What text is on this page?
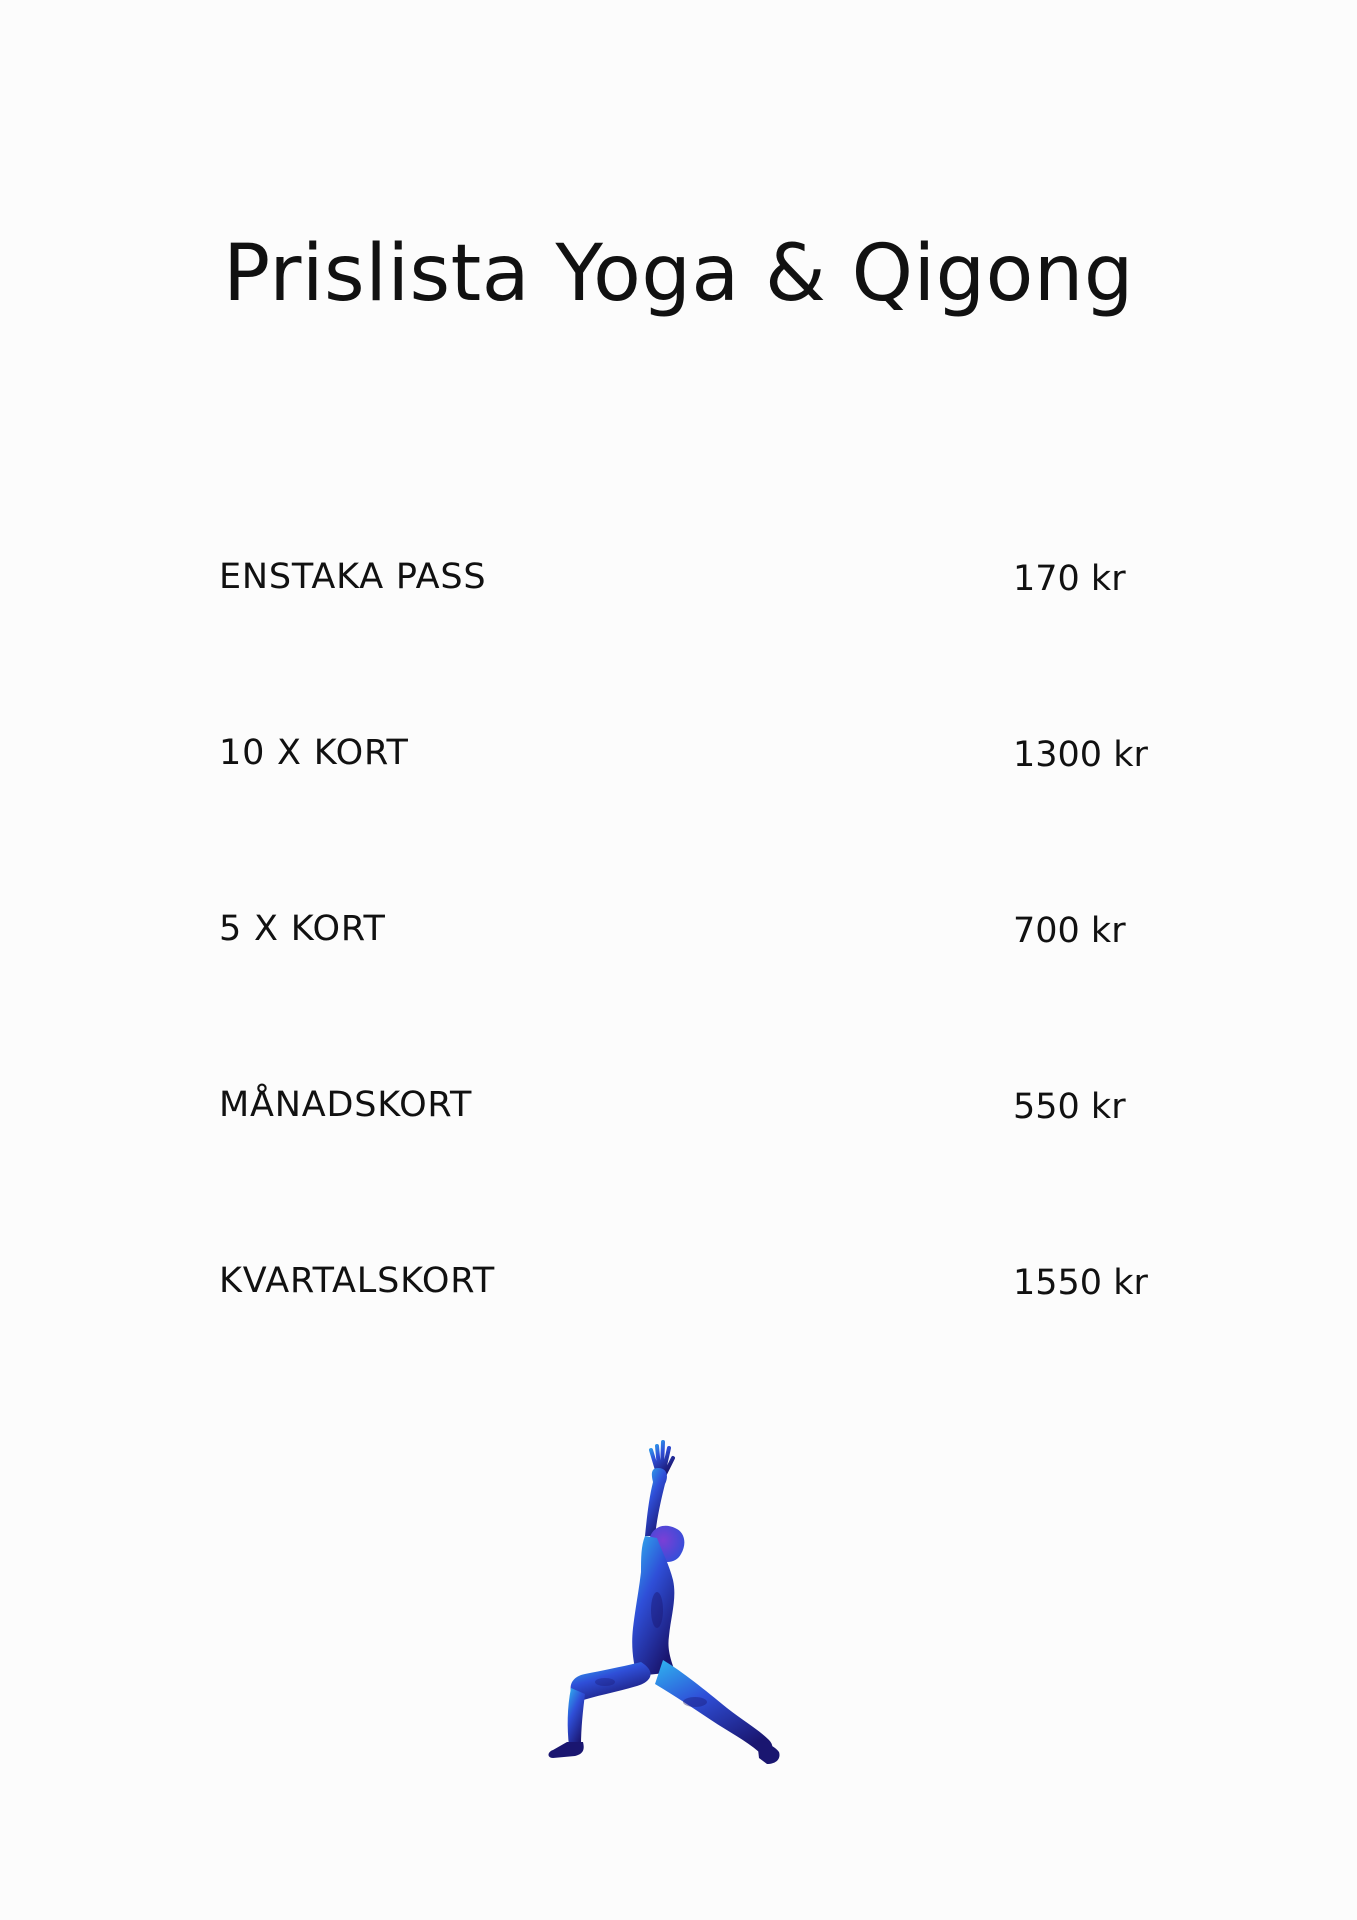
Prislista Yoga & Qigong
ENSTAKA PASS	170 kr
10 X KORT	1300 kr
5 X KORT	700 kr
MÅNADSKORT	550 kr
KVARTALSKORT	1550 kr
